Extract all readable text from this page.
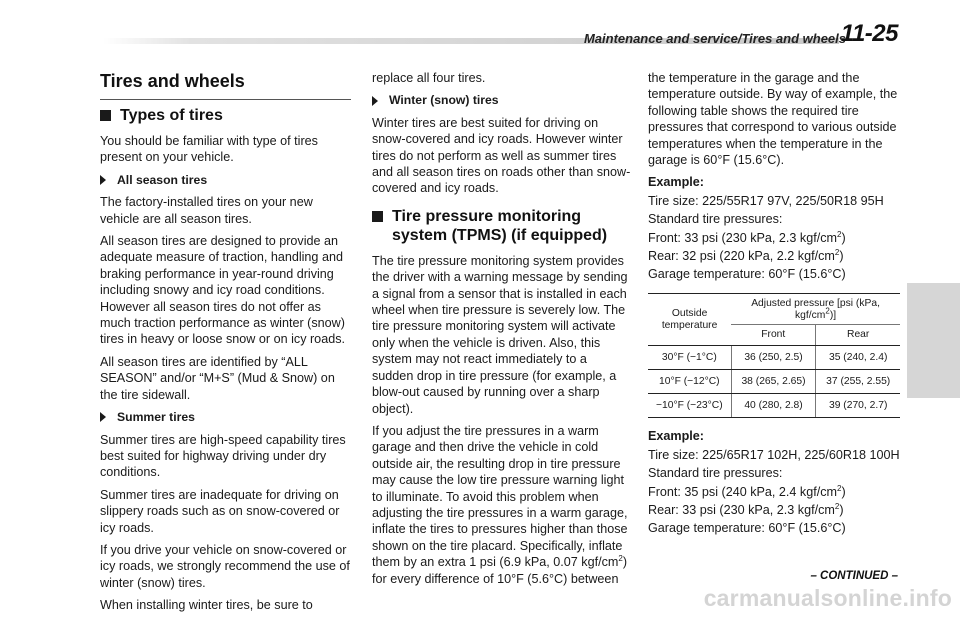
Maintenance and service/Tires and wheels
11-25
Tires and wheels
Types of tires

You should be familiar with type of tires present on your vehicle.

All season tires

The factory-installed tires on your new vehicle are all season tires.

All season tires are designed to provide an adequate measure of traction, handling and braking performance in year-round driving including snowy and icy road conditions. However all season tires do not offer as much traction performance as winter (snow) tires in heavy or loose snow or on icy roads.

All season tires are identified by “ALL SEASON” and/or “M+S” (Mud & Snow) on the tire sidewall.

Summer tires

Summer tires are high-speed capability tires best suited for highway driving under dry conditions.

Summer tires are inadequate for driving on slippery roads such as on snow-covered or icy roads.

If you drive your vehicle on snow-covered or icy roads, we strongly recommend the use of winter (snow) tires.

When installing winter tires, be sure to

replace all four tires.

Winter (snow) tires

Winter tires are best suited for driving on snow-covered and icy roads. However winter tires do not perform as well as summer tires and all season tires on roads other than snow-covered and icy roads.

Tire pressure monitoring system (TPMS) (if equipped)

The tire pressure monitoring system provides the driver with a warning message by sending a signal from a sensor that is installed in each wheel when tire pressure is severely low. The tire pressure monitoring system will activate only when the vehicle is driven. Also, this system may not react immediately to a sudden drop in tire pressure (for example, a blow-out caused by running over a sharp object).

If you adjust the tire pressures in a warm garage and then drive the vehicle in cold outside air, the resulting drop in tire pressure may cause the low tire pressure warning light to illuminate. To avoid this problem when adjusting the tire pressures in a warm garage, inflate the tires to pressures higher than those shown on the tire placard. Specifically, inflate them by an extra 1 psi (6.9 kPa, 0.07 kgf/$cm^2$) for every difference of 10°F (5.6°C) between

the temperature in the garage and the temperature outside. By way of example, the following table shows the required tire pressures that correspond to various outside temperatures when the temperature in the garage is 60°F (15.6°C).

Example:

Tire size: 225/55R17 97V, 225/50R18 95H

Standard tire pressures:

Front: 33 psi (230 kPa, 2.3 kgf/$cm^2$)

Rear: 32 psi (220 kPa, 2.2 kgf/$cm^2$)

Garage temperature: 60°F (15.6°C)

Outside temperature	Adjusted pressure [psi (kPa, kgf/$cm^2$)]	
	Front	Rear
30°F (−1°C)	36 (250, 2.5)	35 (240, 2.4)
10°F (−12°C)	38 (265, 2.65)	37 (255, 2.55)
−10°F (−23°C)	40 (280, 2.8)	39 (270, 2.7)

Example:

Tire size: 225/65R17 102H, 225/60R18 100H

Standard tire pressures:

Front: 35 psi (240 kPa, 2.4 kgf/$cm^2$)

Rear: 33 psi (230 kPa, 2.3 kgf/$cm^2$)

Garage temperature: 60°F (15.6°C)

– CONTINUED –
carmanualsonline.info
